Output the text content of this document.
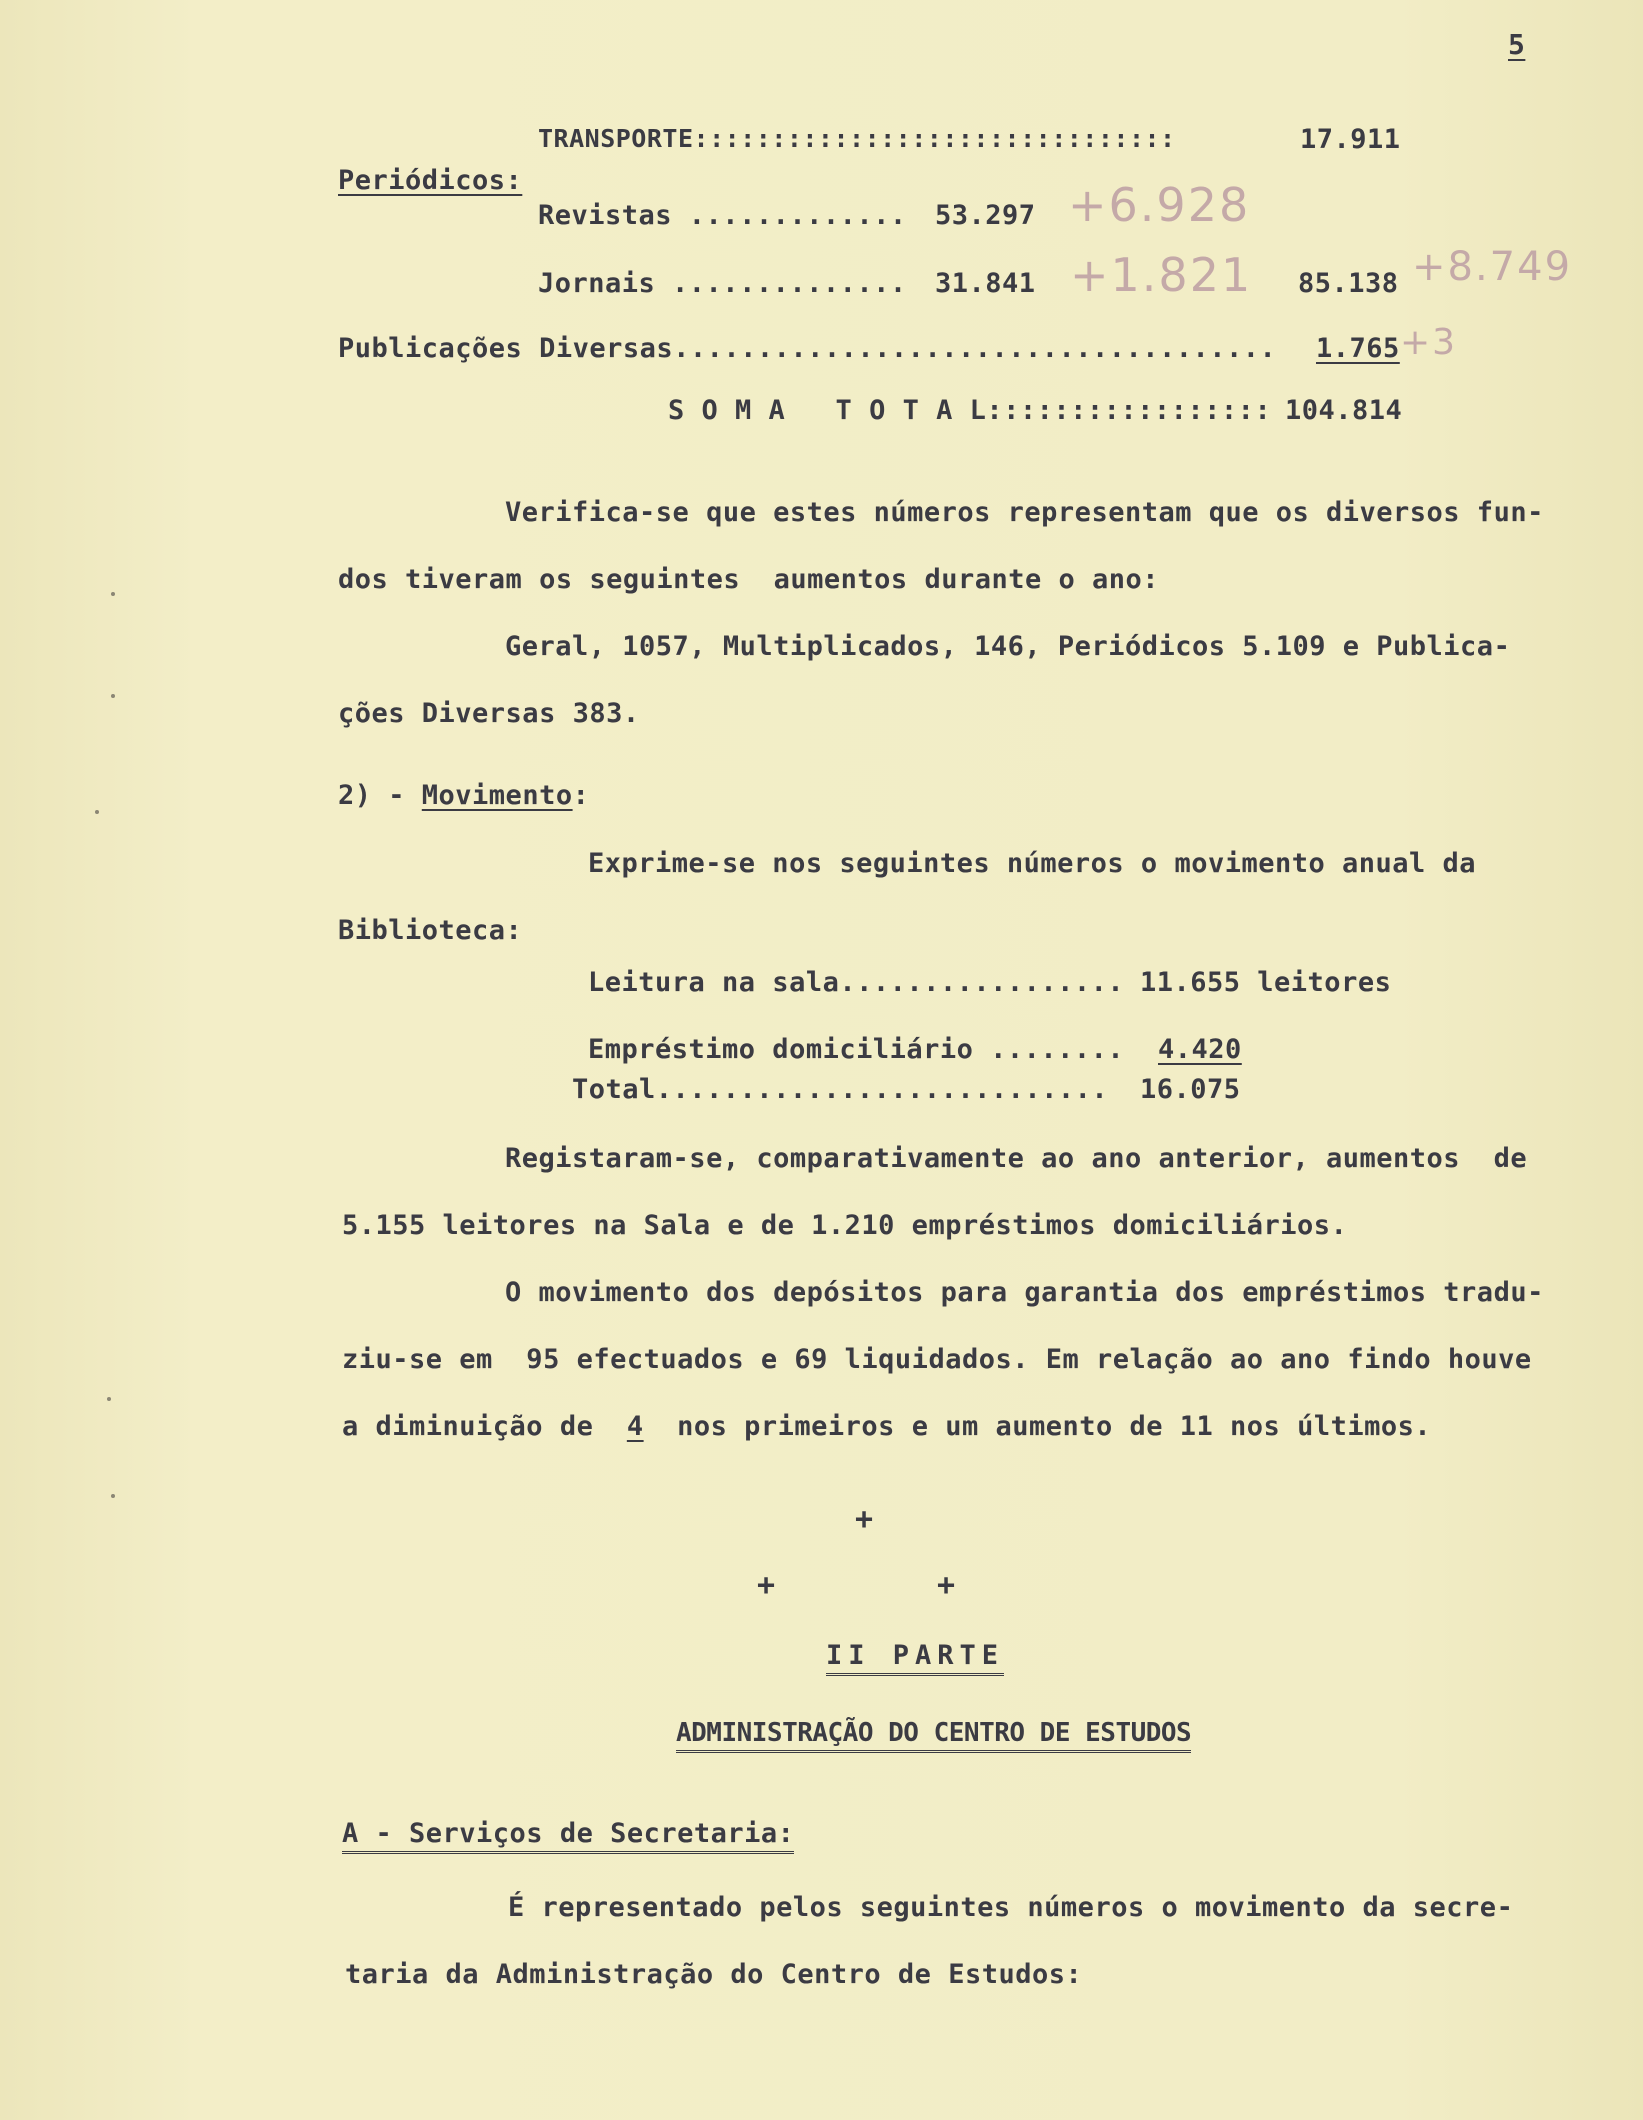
5
TRANSPORTE:::::::::::::::::::::::::::::::	17.911
Periódicos:
Revistas ............. 53.297 +6.928
Jornais .............. 31.841 +1.821 85.138 +8.749
Publicações Diversas.................................... 1.765 +3
S O M A   T O T A L::::::::::::::::: 104.814
Verifica-se que estes números representam que os diversos fun-
dos tiveram os seguintes  aumentos durante o ano:
Geral, 1057, Multiplicados, 146, Periódicos 5.109 e Publica-
ções Diversas 383.
2) - Movimento:
Exprime-se nos seguintes números o movimento anual da
Biblioteca:
Leitura na sala................. 11.655 leitores
Empréstimo domiciliário ........ 4.420
Total........................... 16.075
Registaram-se, comparativamente ao ano anterior, aumentos  de
5.155 leitores na Sala e de 1.210 empréstimos domiciliários.
O movimento dos depósitos para garantia dos empréstimos tradu-
ziu-se em  95 efectuados e 69 liquidados. Em relação ao ano findo houve
a diminuição de  4  nos primeiros e um aumento de 11 nos últimos.
+
+	+
II PARTE
ADMINISTRAÇÃO DO CENTRO DE ESTUDOS
A - Serviços de Secretaria:
É representado pelos seguintes números o movimento da secre-
taria da Administração do Centro de Estudos:
